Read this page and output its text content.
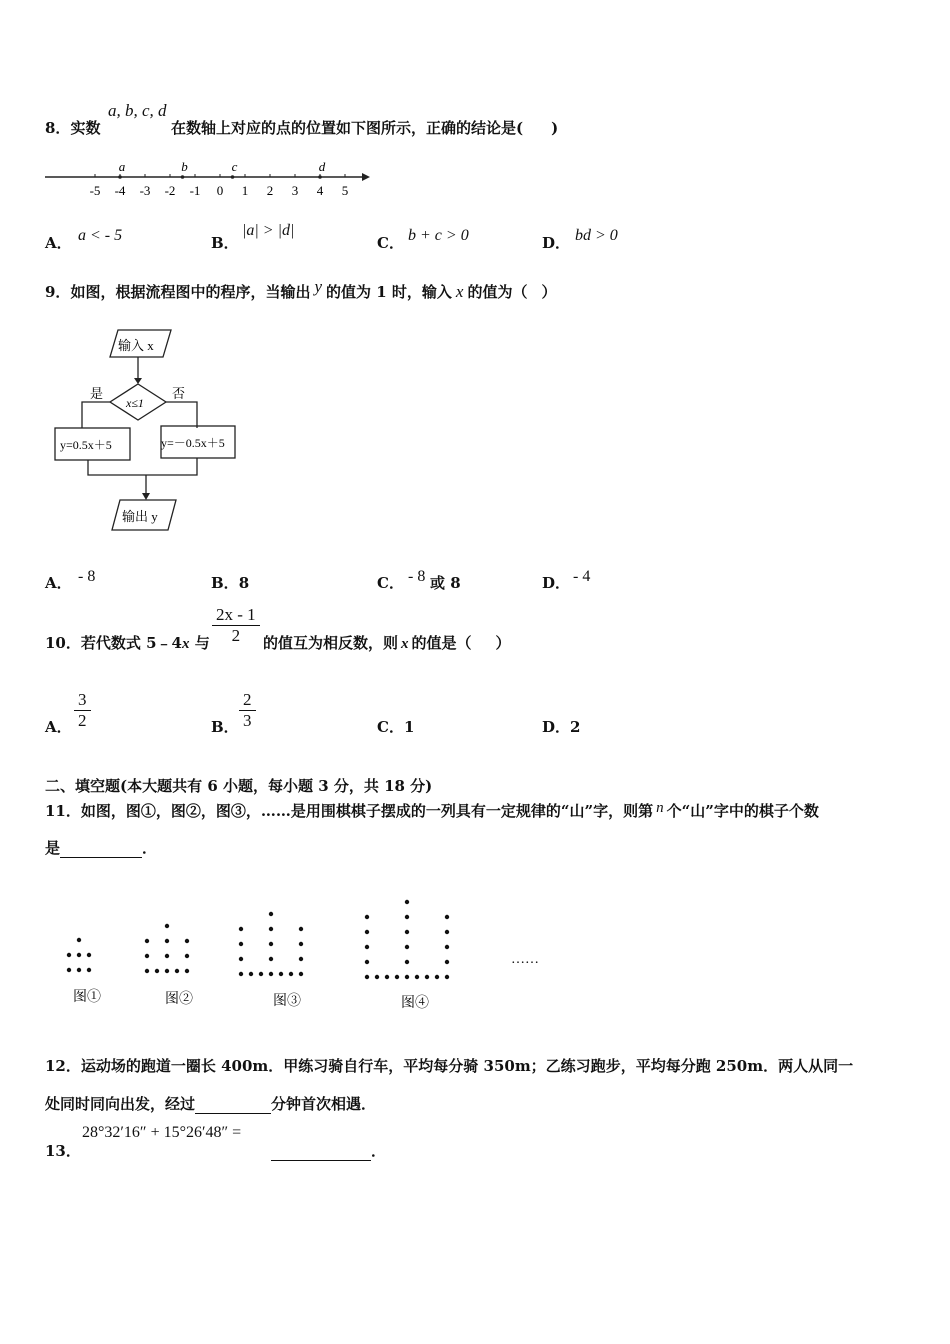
8．实数
a, b, c, d
在数轴上对应的点的位置如下图所示，正确的结论是( )
-5 -4 -3 -2 -1 0 1 2 3 4 5
a	b	c	d
A． a < - 5	B．
|a| > |d|
C． b + c > 0	D． bd > 0
9．如图，根据流程图中的程序，当输出 y 的值为 1 时，输入 x 的值为（ ）
输入 x
x≤1
是	否
y=0.5x＋5	y=－0.5x＋5
输出 y
A． - 8	B．8	C． - 8 或 8	D． - 4
10．若代数式 5﹣4x 与 $\frac{2x - 1}{2}$ 的值互为相反数，则 x 的值是（ ）
A． $\frac{3}{2}$	B． $\frac{2}{3}$	C．1	D．2
二、填空题(本大题共有 6 小题，每小题 3 分，共 18 分)
11．如图，图①，图②，图③，……是用围棋棋子摆成的一列具有一定规律的“山”字，则第 n 个“山”字中的棋子个数
是	．
图①	图②	图③	图④
……
12．运动场的跑道一圈长 400m．甲练习骑自行车，平均每分骑 350m；乙练习跑步，平均每分跑 250m．两人从同一
处同时同向出发，经过	分钟首次相遇．
13．
28°32′16″ + 15°26′48″ =
．
